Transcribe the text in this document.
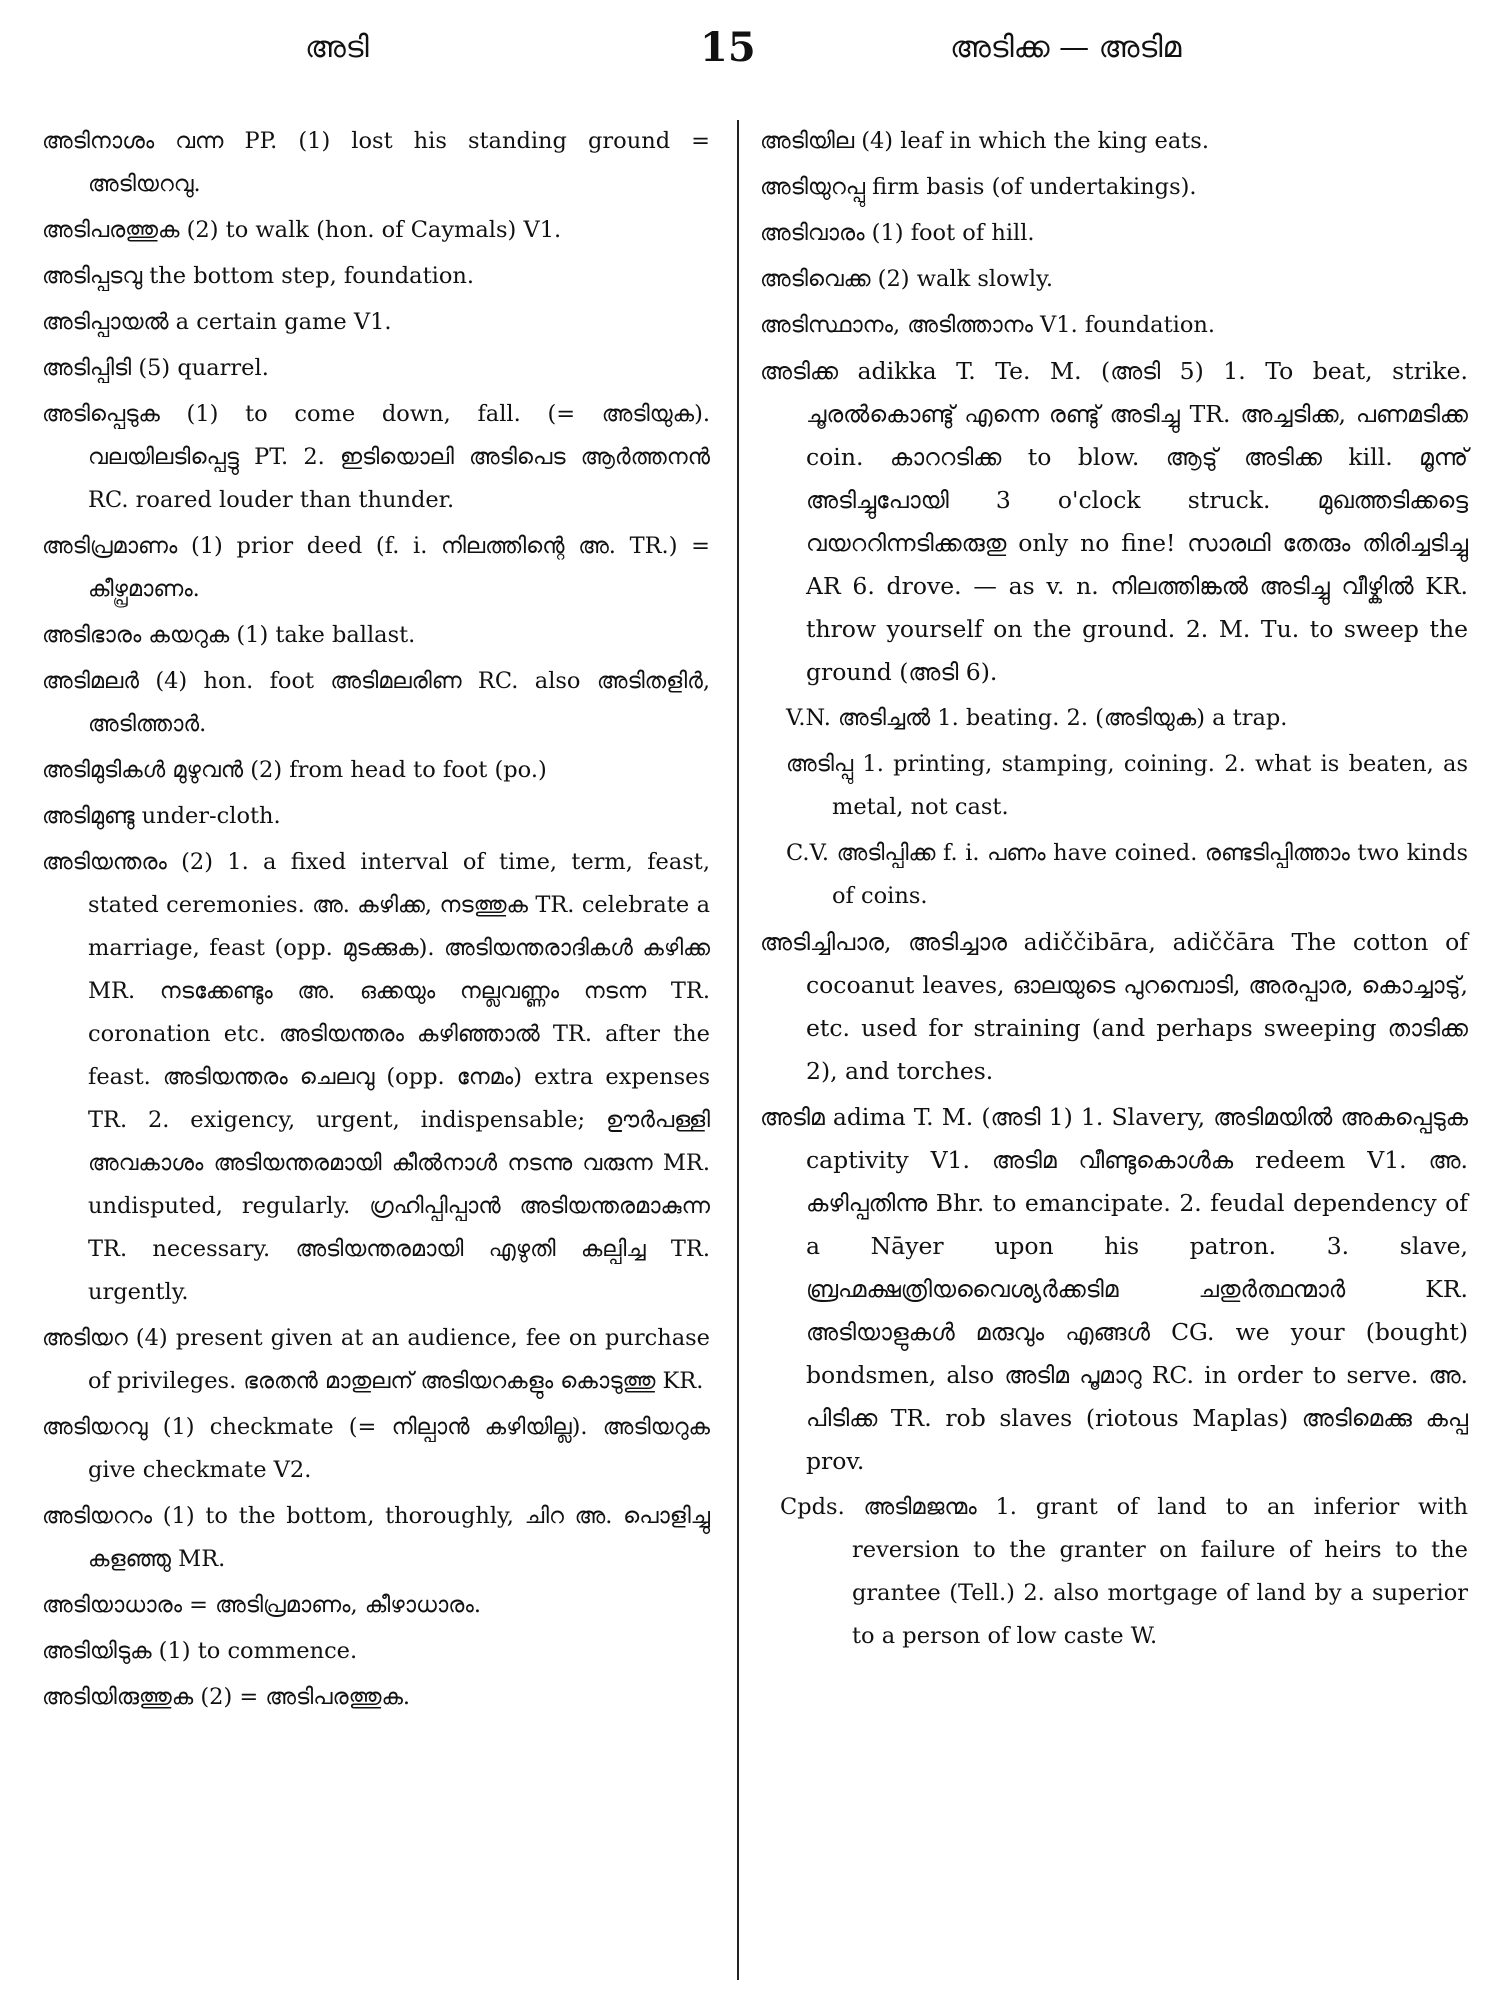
അടി	15	അടിക്ക — അടിമ
അടിനാശം വന്ന PP. (1) lost his standing ground = അടിയറവു.
അടിപരത്തുക (2) to walk (hon. of Caymals) V1.
അടിപ്പടവു the bottom step, foundation.
അടിപ്പായൽ a certain game V1.
അടിപ്പിടി (5) quarrel.
അടിപ്പെടുക (1) to come down, fall. (= അടിയുക). വലയിലടിപ്പെട്ടു PT. 2. ഇടിയൊലി അടിപെട ആർത്തനൻ RC. roared louder than thunder.
അടിപ്രമാണം (1) prior deed (f. i. നിലത്തിന്റെ അ. TR.) = കീഴ്പ്രമാണം.
അടിഭാരം കയറുക (1) take ballast.
അടിമലർ (4) hon. foot അടിമലരിണ RC. also അടിതളിർ, അടിത്താർ.
അടിമുടികൾ മുഴുവൻ (2) from head to foot (po.)
അടിമുണ്ടു under-cloth.
അടിയന്തരം (2) 1. a fixed interval of time, term, feast, stated ceremonies. അ. കഴിക്ക, നടത്തുക TR. celebrate a marriage, feast (opp. മുടക്കുക). അടിയന്തരാദികൾ കഴിക്ക MR. നടക്കേണ്ടും അ. ഒക്കയും നല്ലവണ്ണം നടന്ന TR. coronation etc. അടിയന്തരം കഴിഞ്ഞാൽ TR. after the feast. അടിയന്തരം ചെലവു (opp. നേമം) extra expenses TR. 2. exigency, urgent, indispensable; ഊർപള്ളി അവകാശം അടിയന്തരമായി കീൽനാൾ നടന്നു വരുന്ന MR. undisputed, regularly. ഗ്രഹിപ്പിപ്പാൻ അടിയന്തരമാകുന്ന TR. necessary. അടിയന്തരമായി എഴുതി കല്പിച്ച TR. urgently.
അടിയറ (4) present given at an audience, fee on purchase of privileges. ഭരതൻ മാതുലന് അടിയറകളും കൊടുത്തു KR.
അടിയറവു (1) checkmate (= നില്പാൻ കഴിയില്ല). അടിയറുക give checkmate V2.
അടിയററം (1) to the bottom, thoroughly, ചിറ അ. പൊളിച്ചു കളഞ്ഞു MR.
അടിയാധാരം = അടിപ്രമാണം, കീഴാധാരം.
അടിയിടുക (1) to commence.
അടിയിരുത്തുക (2) = അടിപരത്തുക.
അടിയില (4) leaf in which the king eats.
അടിയുറപ്പു firm basis (of undertakings).
അടിവാരം (1) foot of hill.
അടിവെക്ക (2) walk slowly.
അടിസ്ഥാനം, അടിത്താനം V1. foundation.
അടിക്ക adikka T. Te. M. (അടി 5) 1. To beat, strike. ചൂരൽകൊണ്ടു് എന്നെ രണ്ടു് അടിച്ചു TR. അച്ചടിക്ക, പണമടിക്ക coin. കാററടിക്ക to blow. ആടു് അടിക്ക kill. മൂന്നു് അടിച്ചുപോയി 3 o'clock struck. മുഖത്തടിക്കട്ടെ വയററിന്നടിക്കരുതു only no fine! സാരഥി തേരും തിരിച്ചടിച്ചു AR 6. drove. — as v. n. നിലത്തിങ്കൽ അടിച്ചു വീഴ്കിൽ KR. throw yourself on the ground. 2. M. Tu. to sweep the ground (അടി 6).
V.N. അടിച്ചൽ 1. beating. 2. (അടിയുക) a trap.
അടിപ്പു 1. printing, stamping, coining. 2. what is beaten, as metal, not cast.
C.V. അടിപ്പിക്ക f. i. പണം have coined. രണ്ടടിപ്പിത്താം two kinds of coins.
അടിച്ചിപാര, അടിച്ചാര adiččibāra, adiččāra The cotton of cocoanut leaves, ഓലയുടെ പുറമ്പൊടി, അരപ്പാര, കൊച്ചാടു്, etc. used for straining (and perhaps sweeping താടിക്ക 2), and torches.
അടിമ adima T. M. (അടി 1) 1. Slavery, അടിമയിൽ അകപ്പെടുക captivity V1. അടിമ വീണ്ടുകൊൾക redeem V1. അ. കഴിപ്പതിന്നു Bhr. to emancipate. 2. feudal dependency of a Nāyer upon his patron. 3. slave, ബ്രഹ്മക്ഷത്രിയവൈശ്യർക്കടിമ ചതുർത്ഥന്മാർ KR. അടിയാളുകൾ മരുവും എങ്ങൾ CG. we your (bought) bondsmen, also അടിമ പൂമാറു RC. in order to serve. അ. പിടിക്ക TR. rob slaves (riotous Maplas) അടിമെക്കു കപ്പ prov.
Cpds. അടിമജന്മം 1. grant of land to an inferior with reversion to the granter on failure of heirs to the grantee (Tell.) 2. also mortgage of land by a superior to a person of low caste W.
